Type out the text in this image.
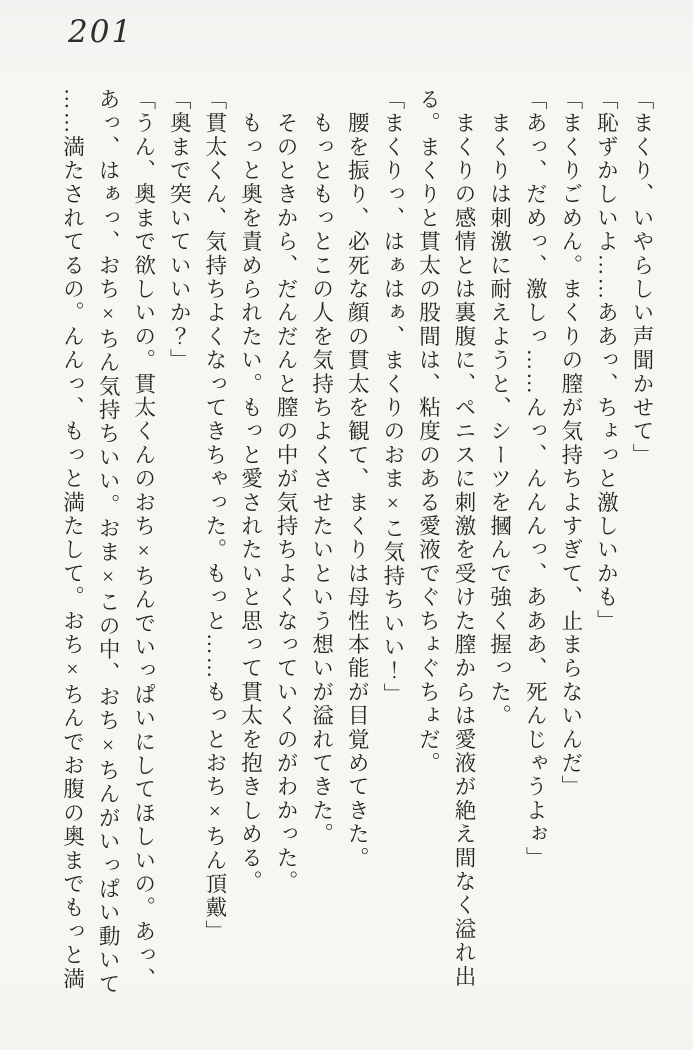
201
「まくり、いやらしい声聞かせて」
「恥ずかしいよ……ああっ、ちょっと激しいかも」
「まくりごめん。まくりの膣が気持ちよすぎて、止まらないんだ」
「あっ、だめっ、激しっ……んっ、んんんっ、あああ、死んじゃうよぉ」
　まくりは刺激に耐えようと、シーツを摑んで強く握った。
　まくりの感情とは裏腹に、ペニスに刺激を受けた膣からは愛液が絶え間なく溢れ出
る。まくりと貫太の股間は、粘度のある愛液でぐちょぐちょだ。
「まくりっ、はぁはぁ、まくりのおま×こ気持ちいい！」
　腰を振り、必死な顔の貫太を観て、まくりは母性本能が目覚めてきた。
　もっともっとこの人を気持ちよくさせたいという想いが溢れてきた。
　そのときから、だんだんと膣の中が気持ちよくなっていくのがわかった。
　もっと奥を責められたい。もっと愛されたいと思って貫太を抱きしめる。
「貫太くん、気持ちよくなってきちゃった。もっと……もっとおち×ちん頂戴」
「奥まで突いていいか？」
「うん、奥まで欲しいの。貫太くんのおち×ちんでいっぱいにしてほしいの。あっ、
あっ、はぁっ、おち×ちん気持ちいい。おま×この中、おち×ちんがいっぱい動いて
……満たされてるの。んんっ、もっと満たして。おち×ちんでお腹の奥までもっと満
